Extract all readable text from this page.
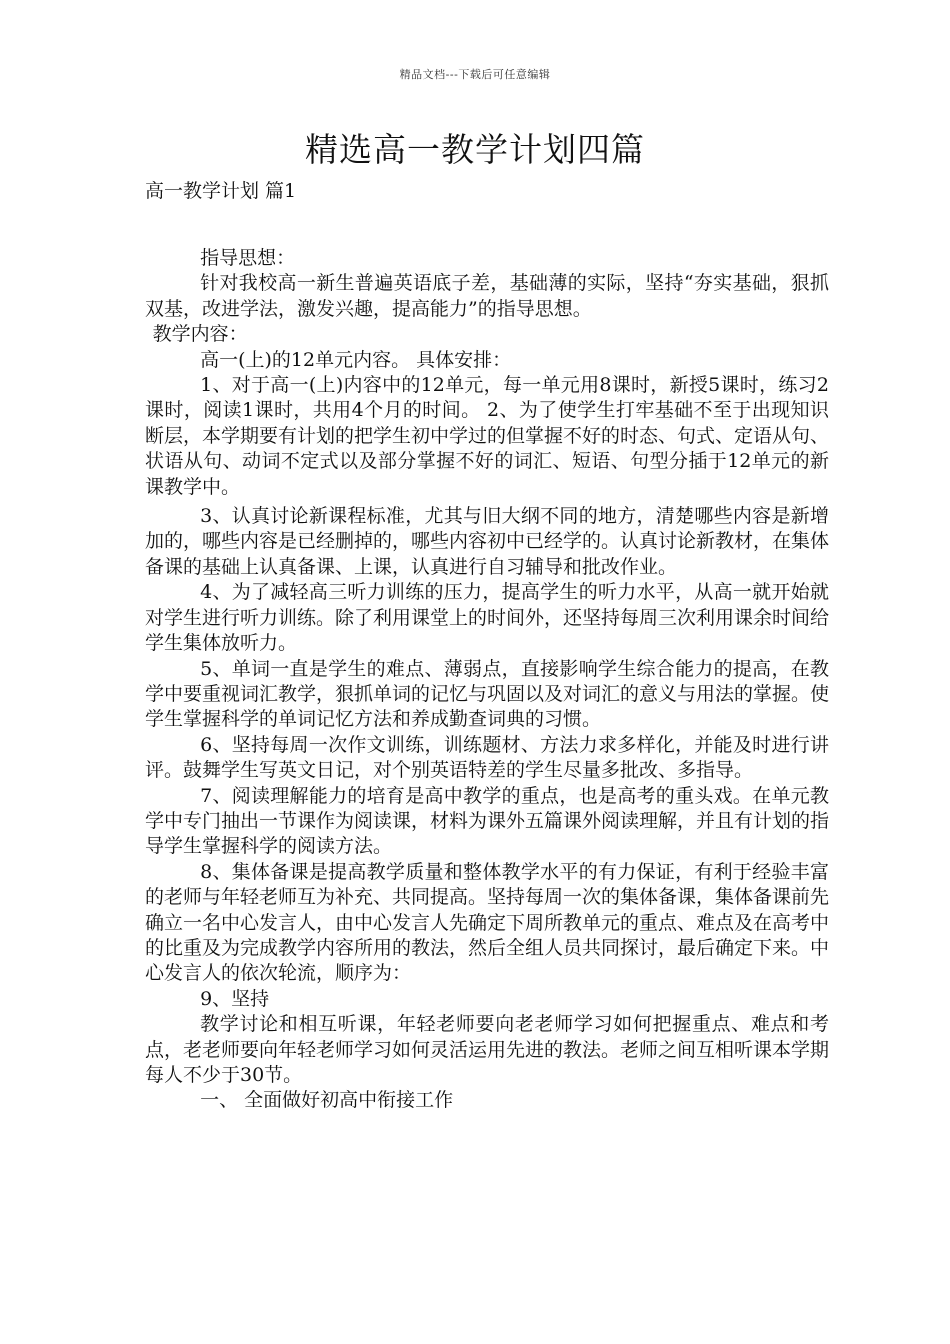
精品文档---下载后可任意编辑
精选高一教学计划四篇
高一教学计划 篇1

指导思想：

针对我校高一新生普遍英语底子差，基础薄的实际，坚持“夯实基础，狠抓双基，改进学法，激发兴趣，提高能力”的指导思想。

教学内容：

高一(上)的12单元内容。 具体安排：

1、对于高一(上)内容中的12单元，每一单元用8课时，新授5课时，练习2课时，阅读1课时，共用4个月的时间。 2、为了使学生打牢基础不至于出现知识断层，本学期要有计划的把学生初中学过的但掌握不好的时态、句式、定语从句、状语从句、动词不定式以及部分掌握不好的词汇、短语、句型分插于12单元的新课教学中。

3、认真讨论新课程标准，尤其与旧大纲不同的地方，清楚哪些内容是新增加的，哪些内容是已经删掉的，哪些内容初中已经学的。认真讨论新教材，在集体备课的基础上认真备课、上课，认真进行自习辅导和批改作业。

4、为了减轻高三听力训练的压力，提高学生的听力水平，从高一就开始就对学生进行听力训练。除了利用课堂上的时间外，还坚持每周三次利用课余时间给学生集体放听力。

5、单词一直是学生的难点、薄弱点，直接影响学生综合能力的提高，在教学中要重视词汇教学，狠抓单词的记忆与巩固以及对词汇的意义与用法的掌握。使学生掌握科学的单词记忆方法和养成勤查词典的习惯。

6、坚持每周一次作文训练，训练题材、方法力求多样化，并能及时进行讲评。鼓舞学生写英文日记，对个别英语特差的学生尽量多批改、多指导。

7、阅读理解能力的培育是高中教学的重点，也是高考的重头戏。在单元教学中专门抽出一节课作为阅读课，材料为课外五篇课外阅读理解，并且有计划的指导学生掌握科学的阅读方法。

8、集体备课是提高教学质量和整体教学水平的有力保证，有利于经验丰富的老师与年轻老师互为补充、共同提高。坚持每周一次的集体备课，集体备课前先确立一名中心发言人，由中心发言人先确定下周所教单元的重点、难点及在高考中的比重及为完成教学内容所用的教法，然后全组人员共同探讨，最后确定下来。中心发言人的依次轮流，顺序为：

9、坚持

教学讨论和相互听课，年轻老师要向老老师学习如何把握重点、难点和考点，老老师要向年轻老师学习如何灵活运用先进的教法。老师之间互相听课本学期每人不少于30节。

一、 全面做好初高中衔接工作
